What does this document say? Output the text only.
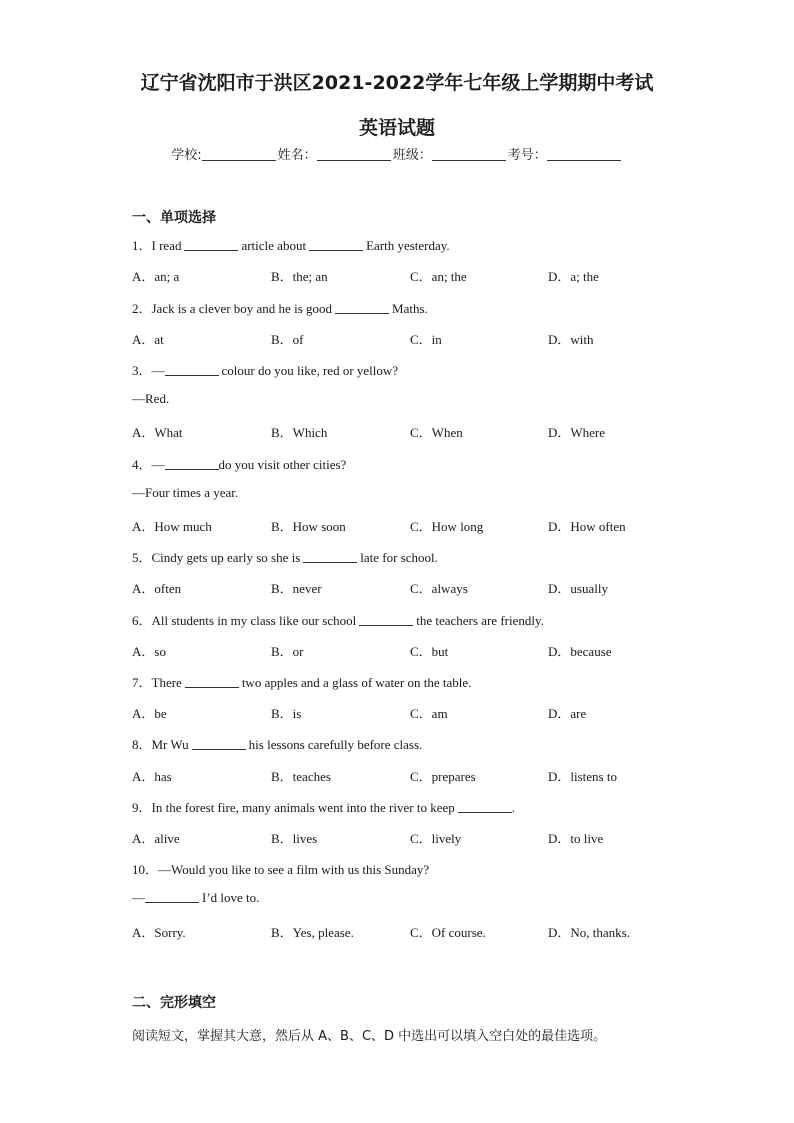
辽宁省沈阳市于洪区2021-2022学年七年级上学期期中考试
英语试题
学校:	姓名：	班级：	考号：
一、单项选择
1．I read	article about	Earth yesterday.
A．an; a	B．the; an	C．an; the	D．a; the
2．Jack is a clever boy and he is good	Maths.
A．at	B．of	C．in	D．with
3．—	colour do you like, red or yellow?
—Red.
A．What	B．Which	C．When	D．Where
4．—	do you visit other cities?
—Four times a year.
A．How much	B．How soon	C．How long	D．How often
5．Cindy gets up early so she is	late for school.
A．often	B．never	C．always	D．usually
6．All students in my class like our school	the teachers are friendly.
A．so	B．or	C．but	D．because
7．There	two apples and a glass of water on the table.
A．be	B．is	C．am	D．are
8．Mr Wu	his lessons carefully before class.
A．has	B．teaches	C．prepares	D．listens to
9．In the forest fire, many animals went into the river to keep	.
A．alive	B．lives	C．lively	D．to live
10．—Would you like to see a film with us this Sunday?
—	I’d love to.
A．Sorry.	B．Yes, please.	C．Of course.	D．No, thanks.
二、完形填空
阅读短文，掌握其大意，然后从 A、B、C、D 中选出可以填入空白处的最佳选项。
